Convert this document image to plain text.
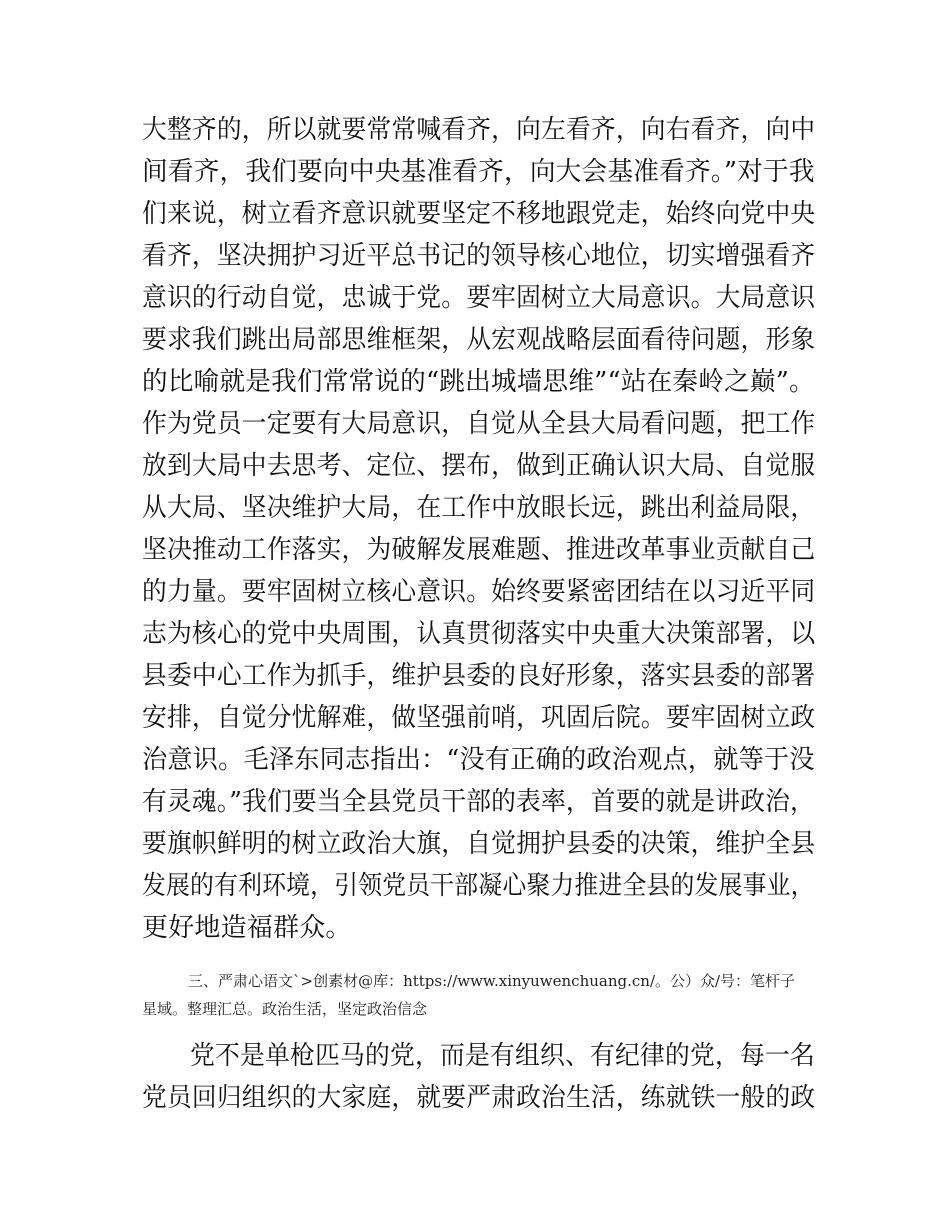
大整齐的，所以就要常常喊看齐，向左看齐，向右看齐，向中
间看齐，我们要向中央基准看齐，向大会基准看齐。”对于我
们来说，树立看齐意识就要坚定不移地跟党走，始终向党中央
看齐，坚决拥护习近平总书记的领导核心地位，切实增强看齐
意识的行动自觉，忠诚于党。要牢固树立大局意识。大局意识
要求我们跳出局部思维框架，从宏观战略层面看待问题，形象
的比喻就是我们常常说的“跳出城墙思维”“站在秦岭之巅”。
作为党员一定要有大局意识，自觉从全县大局看问题，把工作
放到大局中去思考、定位、摆布，做到正确认识大局、自觉服
从大局、坚决维护大局，在工作中放眼长远，跳出利益局限，
坚决推动工作落实，为破解发展难题、推进改革事业贡献自己
的力量。要牢固树立核心意识。始终要紧密团结在以习近平同
志为核心的党中央周围，认真贯彻落实中央重大决策部署，以
县委中心工作为抓手，维护县委的良好形象，落实县委的部署
安排，自觉分忧解难，做坚强前哨，巩固后院。要牢固树立政
治意识。毛泽东同志指出：“没有正确的政治观点，就等于没
有灵魂。”我们要当全县党员干部的表率，首要的就是讲政治，
要旗帜鲜明的树立政治大旗，自觉拥护县委的决策，维护全县
发展的有利环境，引领党员干部凝心聚力推进全县的发展事业，
更好地造福群众。
三、严肃心语文`>创素材@库：https://www.xinyuwenchuang.cn/。公）众/号：笔杆子
星域。整理汇总。政治生活，坚定政治信念
党不是单枪匹马的党，而是有组织、有纪律的党，每一名
党员回归组织的大家庭，就要严肃政治生活，练就铁一般的政
